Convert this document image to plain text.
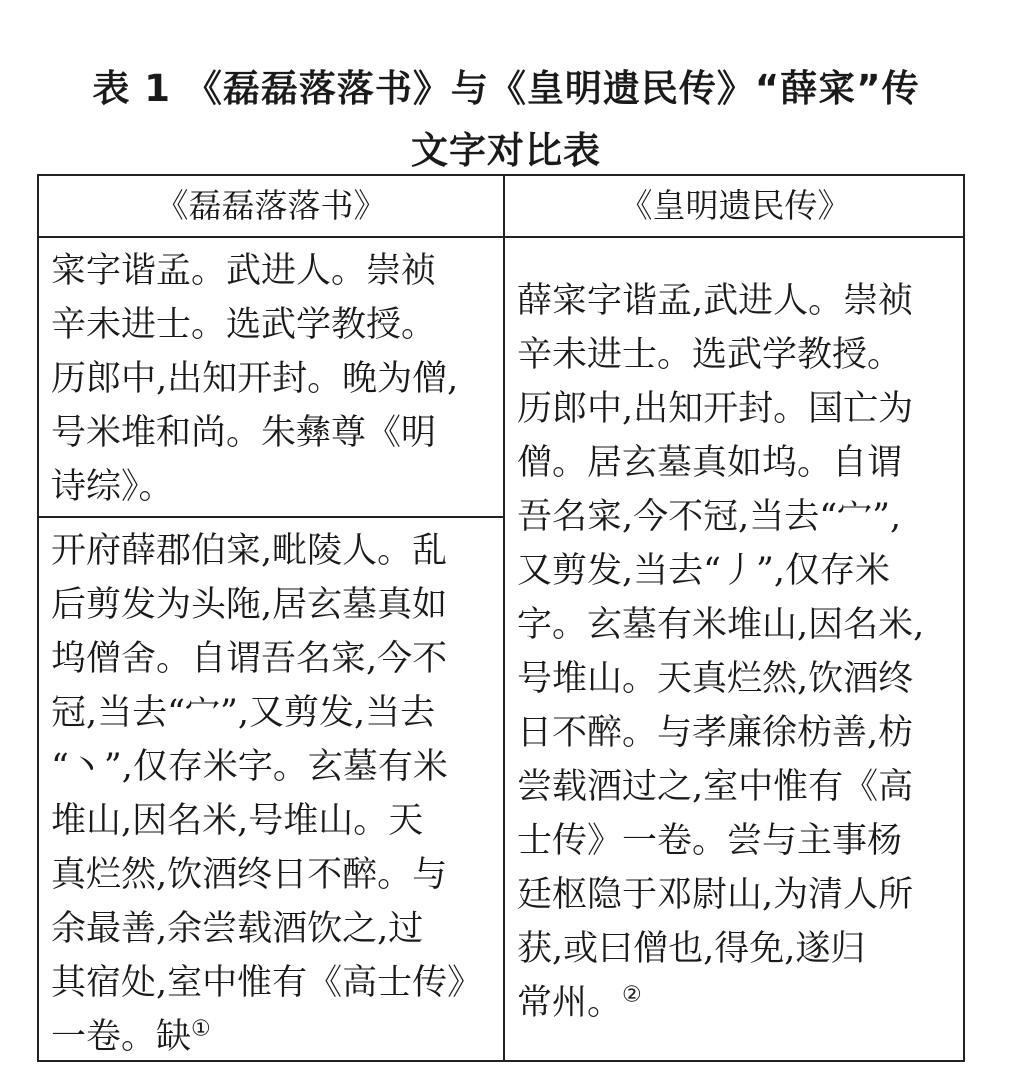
表 1 《磊磊落落书》与《皇明遗民传》“薛寀”传
文字对比表
《磊磊落落书》	《皇明遗民传》
寀字谐孟。武进人。崇祯
辛未进士。选武学教授。
历郎中,出知开封。晚为僧,
号米堆和尚。朱彝尊《明
诗综》。
开府薛郡伯寀,毗陵人。乱
后剪发为头陁,居玄墓真如
坞僧舍。自谓吾名寀,今不
冠,当去“宀”,又剪发,当去
“丶”,仅存米字。玄墓有米
堆山,因名米,号堆山。天
真烂然,饮酒终日不醉。与
余最善,余尝载酒饮之,过
其宿处,室中惟有《高士传》
一卷。缺①
薛寀字谐孟,武进人。崇祯
辛未进士。选武学教授。
历郎中,出知开封。国亡为
僧。居玄墓真如坞。自谓
吾名寀,今不冠,当去“宀”,
又剪发,当去“丿”,仅存米
字。玄墓有米堆山,因名米,
号堆山。天真烂然,饮酒终
日不醉。与孝廉徐枋善,枋
尝载酒过之,室中惟有《高
士传》一卷。尝与主事杨
廷枢隐于邓尉山,为清人所
获,或曰僧也,得免,遂归
常州。②
